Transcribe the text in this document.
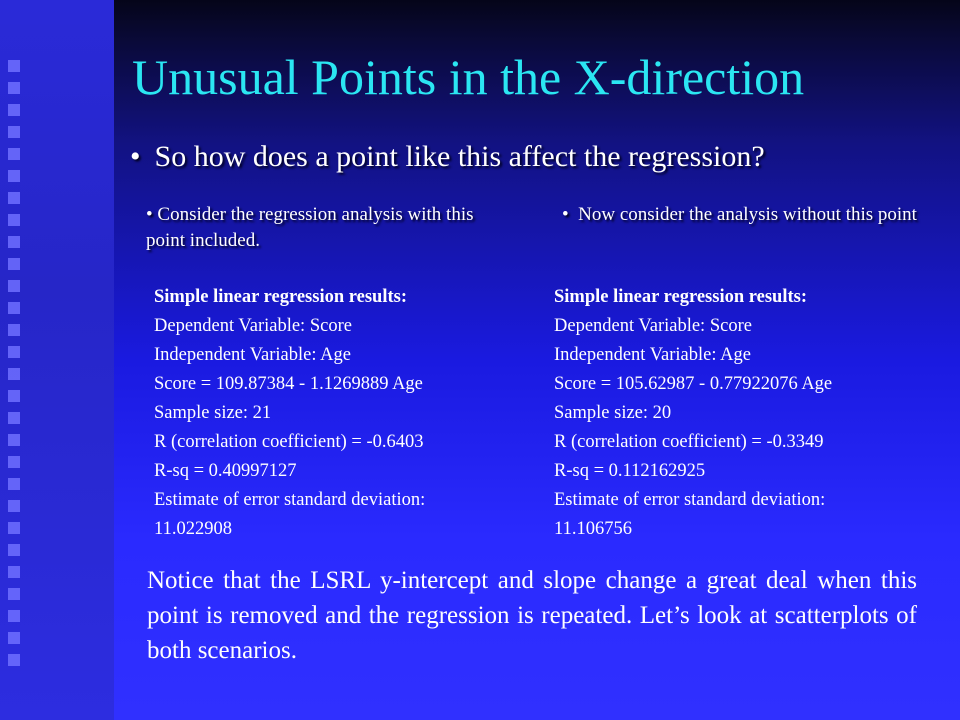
Unusual Points in the X-direction
• So how does a point like this affect the regression?
• Consider the regression analysis with this point included.
•  Now consider the analysis without this point
Simple linear regression results:
Dependent Variable: Score
Independent Variable: Age
Score = 109.87384 - 1.1269889 Age
Sample size: 21
R (correlation coefficient) = -0.6403
R-sq = 0.40997127
Estimate of error standard deviation:
11.022908
Simple linear regression results:
Dependent Variable: Score
Independent Variable: Age
Score = 105.62987 - 0.77922076 Age
Sample size: 20
R (correlation coefficient) = -0.3349
R-sq = 0.112162925
Estimate of error standard deviation:
11.106756
Notice that the LSRL y-intercept and slope change a great deal when this point is removed and the regression is repeated. Let’s look at scatterplots of both scenarios.
